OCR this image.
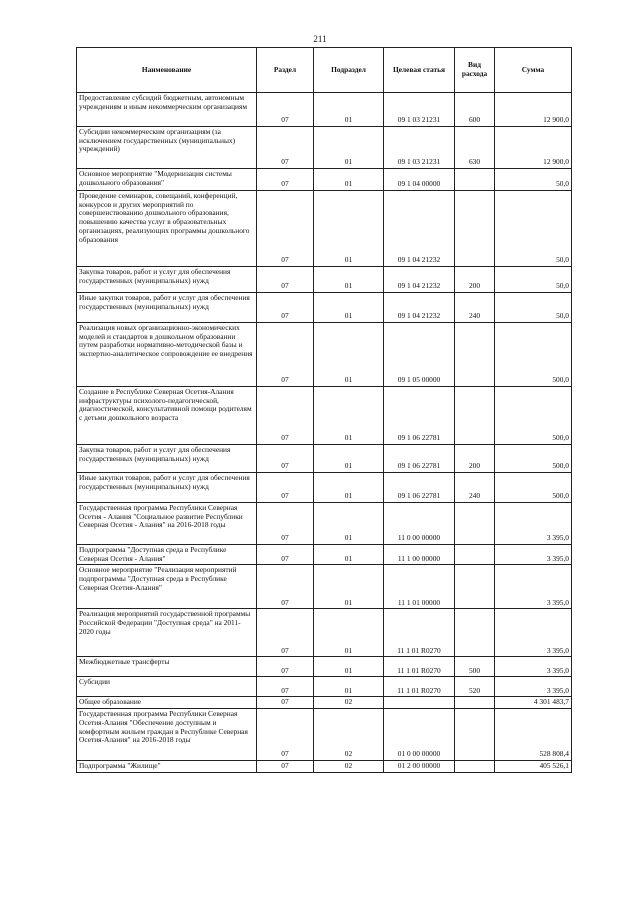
211
Наименование	Раздел	Подраздел	Целевая статья	Вид расхода	Сумма
Предоставление субсидий бюджетным, автономным учреждениям и иным некоммерческим организациям	07	01	09 1 03 21231	600	12 900,0
Субсидии некоммерческим организациям (за исключением государственных (муниципальных) учреждений)	07	01	09 1 03 21231	630	12 900,0
Основное мероприятие "Модернизация системы дошкольного образования"	07	01	09 1 04 00000		50,0
Проведение семинаров, совещаний, конференций, конкурсов и других мероприятий по совершенствованию дошкольного образования, повышению качества услуг в образовательных организациях, реализующих программы дошкольного образования	07	01	09 1 04 21232		50,0
Закупка товаров, работ и услуг для обеспечения государственных (муниципальных) нужд	07	01	09 1 04 21232	200	50,0
Иные закупки товаров, работ и услуг для обеспечения государственных (муниципальных) нужд	07	01	09 1 04 21232	240	50,0
Реализация новых организационно-экономических моделей и стандартов в дошкольном образовании путем разработки нормативно-методической базы и экспертно-аналитическое сопровождение ее внедрения	07	01	09 1 05 00000		500,0
Создание в Республике Северная Осетия-Алания инфраструктуры психолого-педагогической, диагностической, консультативной помощи родителям с детьми дошкольного возраста	07	01	09 1 06 22781		500,0
Закупка товаров, работ и услуг для обеспечения государственных (муниципальных) нужд	07	01	09 1 06 22781	200	500,0
Иные закупки товаров, работ и услуг для обеспечения государственных (муниципальных) нужд	07	01	09 1 06 22781	240	500,0
Государственная программа Республики Северная Осетия - Алания "Социальное развитие Республики Северная Осетия - Алания" на 2016-2018 годы	07	01	11 0 00 00000		3 395,0
Подпрограмма "Доступная среда в Республике Северная Осетия - Алания"	07	01	11 1 00 00000		3 395,0
Основное мероприятие "Реализация мероприятий подпрограммы "Доступная среда в Республике Северная Осетия-Алания"	07	01	11 1 01 00000		3 395,0
Реализация мероприятий государственной программы Российской Федерации "Доступная среда" на 2011-2020 годы	07	01	11 1 01 R0270		3 395,0
Межбюджетные трансферты	07	01	11 1 01 R0270	500	3 395,0
Субсидии	07	01	11 1 01 R0270	520	3 395,0
Общее образование	07	02			4 301 483,7
Государственная программа Республики Северная Осетия-Алания "Обеспечение доступным и комфортным жильем граждан в Республике Северная Осетия-Алания" на 2016-2018 годы	07	02	01 0 00 00000		528 808,4
Подпрограмма "Жилище"	07	02	01 2 00 00000		405 526,1
